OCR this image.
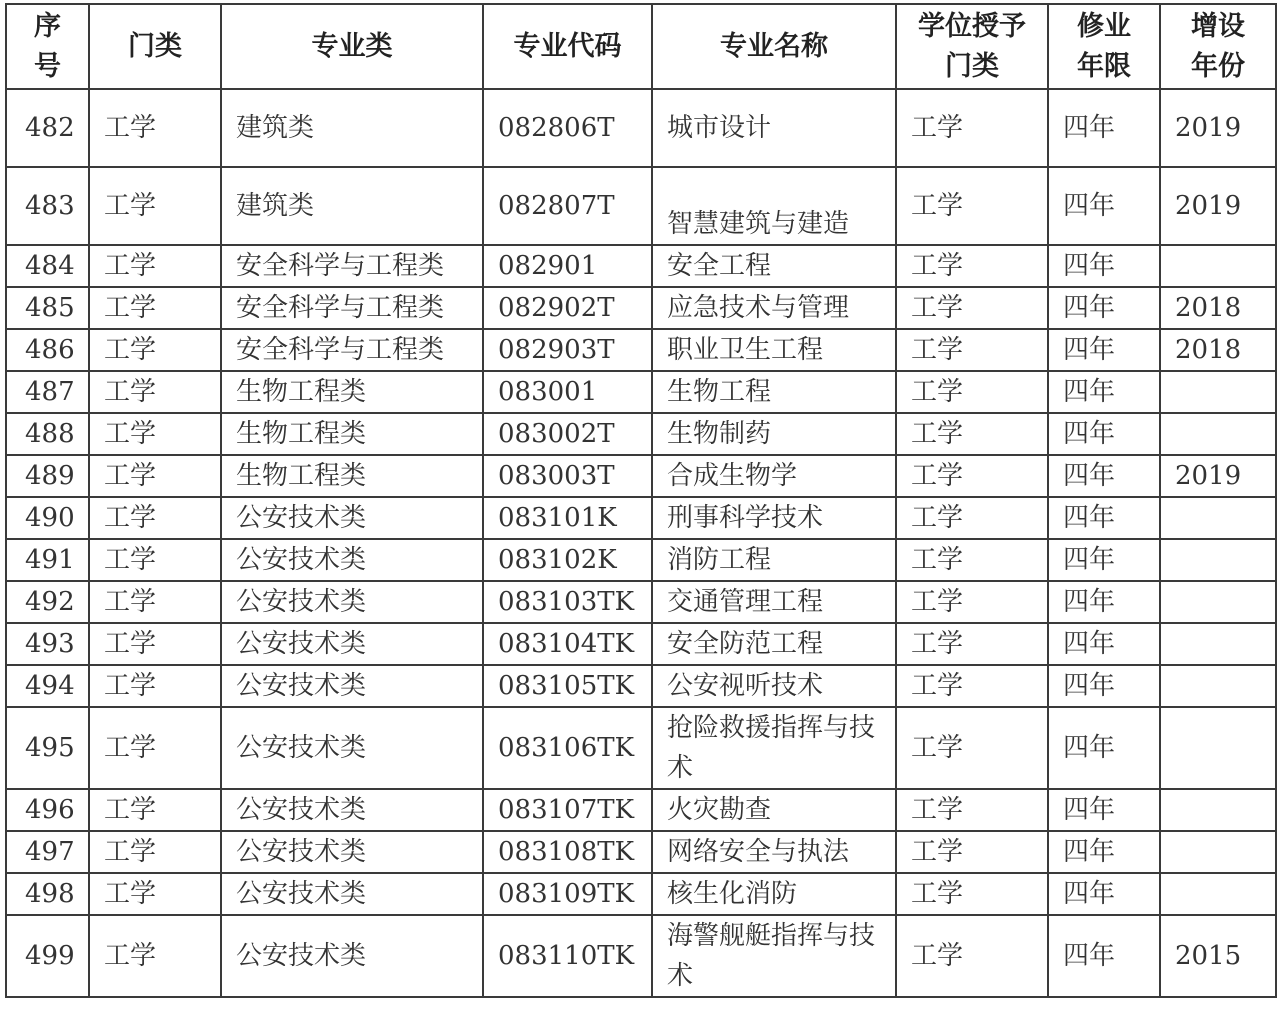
序号	门类	专业类	专业代码	专业名称	学位授予门类	修业年限	增设年份
482	工学	建筑类	082806T	城市设计	工学	四年	2019
483	工学	建筑类	082807T	智慧建筑与建造	工学	四年	2019
484	工学	安全科学与工程类	082901	安全工程	工学	四年	
485	工学	安全科学与工程类	082902T	应急技术与管理	工学	四年	2018
486	工学	安全科学与工程类	082903T	职业卫生工程	工学	四年	2018
487	工学	生物工程类	083001	生物工程	工学	四年	
488	工学	生物工程类	083002T	生物制药	工学	四年	
489	工学	生物工程类	083003T	合成生物学	工学	四年	2019
490	工学	公安技术类	083101K	刑事科学技术	工学	四年	
491	工学	公安技术类	083102K	消防工程	工学	四年	
492	工学	公安技术类	083103TK	交通管理工程	工学	四年	
493	工学	公安技术类	083104TK	安全防范工程	工学	四年	
494	工学	公安技术类	083105TK	公安视听技术	工学	四年	
495	工学	公安技术类	083106TK	抢险救援指挥与技术	工学	四年	
496	工学	公安技术类	083107TK	火灾勘查	工学	四年	
497	工学	公安技术类	083108TK	网络安全与执法	工学	四年	
498	工学	公安技术类	083109TK	核生化消防	工学	四年	
499	工学	公安技术类	083110TK	海警舰艇指挥与技术	工学	四年	2015
